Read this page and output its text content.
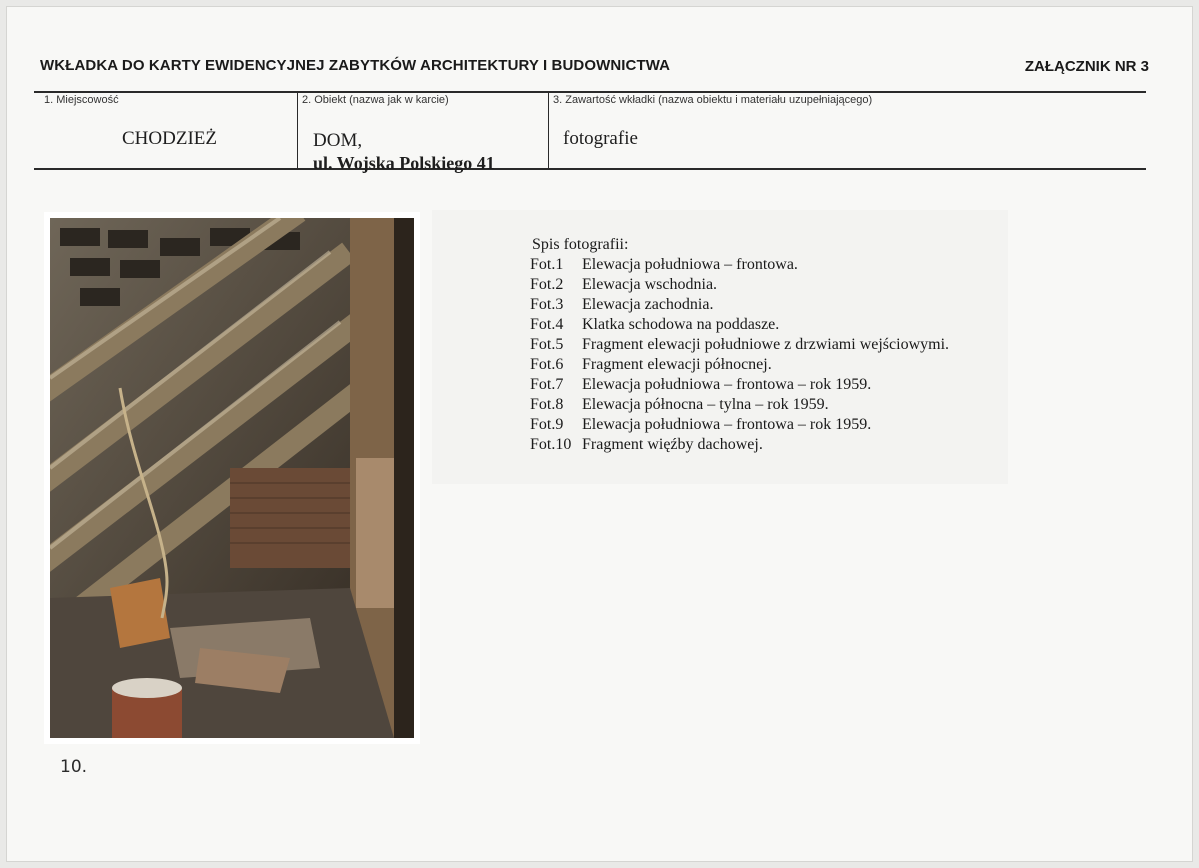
WKŁADKA DO KARTY EWIDENCYJNEJ ZABYTKÓW ARCHITEKTURY I BUDOWNICTWA	ZAŁĄCZNIK NR 3
1. Miejscowość
CHODZIEŻ
2. Obiekt (nazwa jak w karcie)
DOM,
ul. Wojska Polskiego 41
3. Zawartość wkładki (nazwa obiektu i materiału uzupełniającego)
fotografie
10.
Spis fotografii:
Fot.1	Elewacja południowa – frontowa.
Fot.2	Elewacja wschodnia.
Fot.3	Elewacja zachodnia.
Fot.4	Klatka schodowa na poddasze.
Fot.5	Fragment elewacji południowe z drzwiami wejściowymi.
Fot.6	Fragment elewacji północnej.
Fot.7	Elewacja południowa – frontowa – rok 1959.
Fot.8	Elewacja północna – tylna – rok 1959.
Fot.9	Elewacja południowa – frontowa – rok 1959.
Fot.10 Fragment więźby dachowej.
